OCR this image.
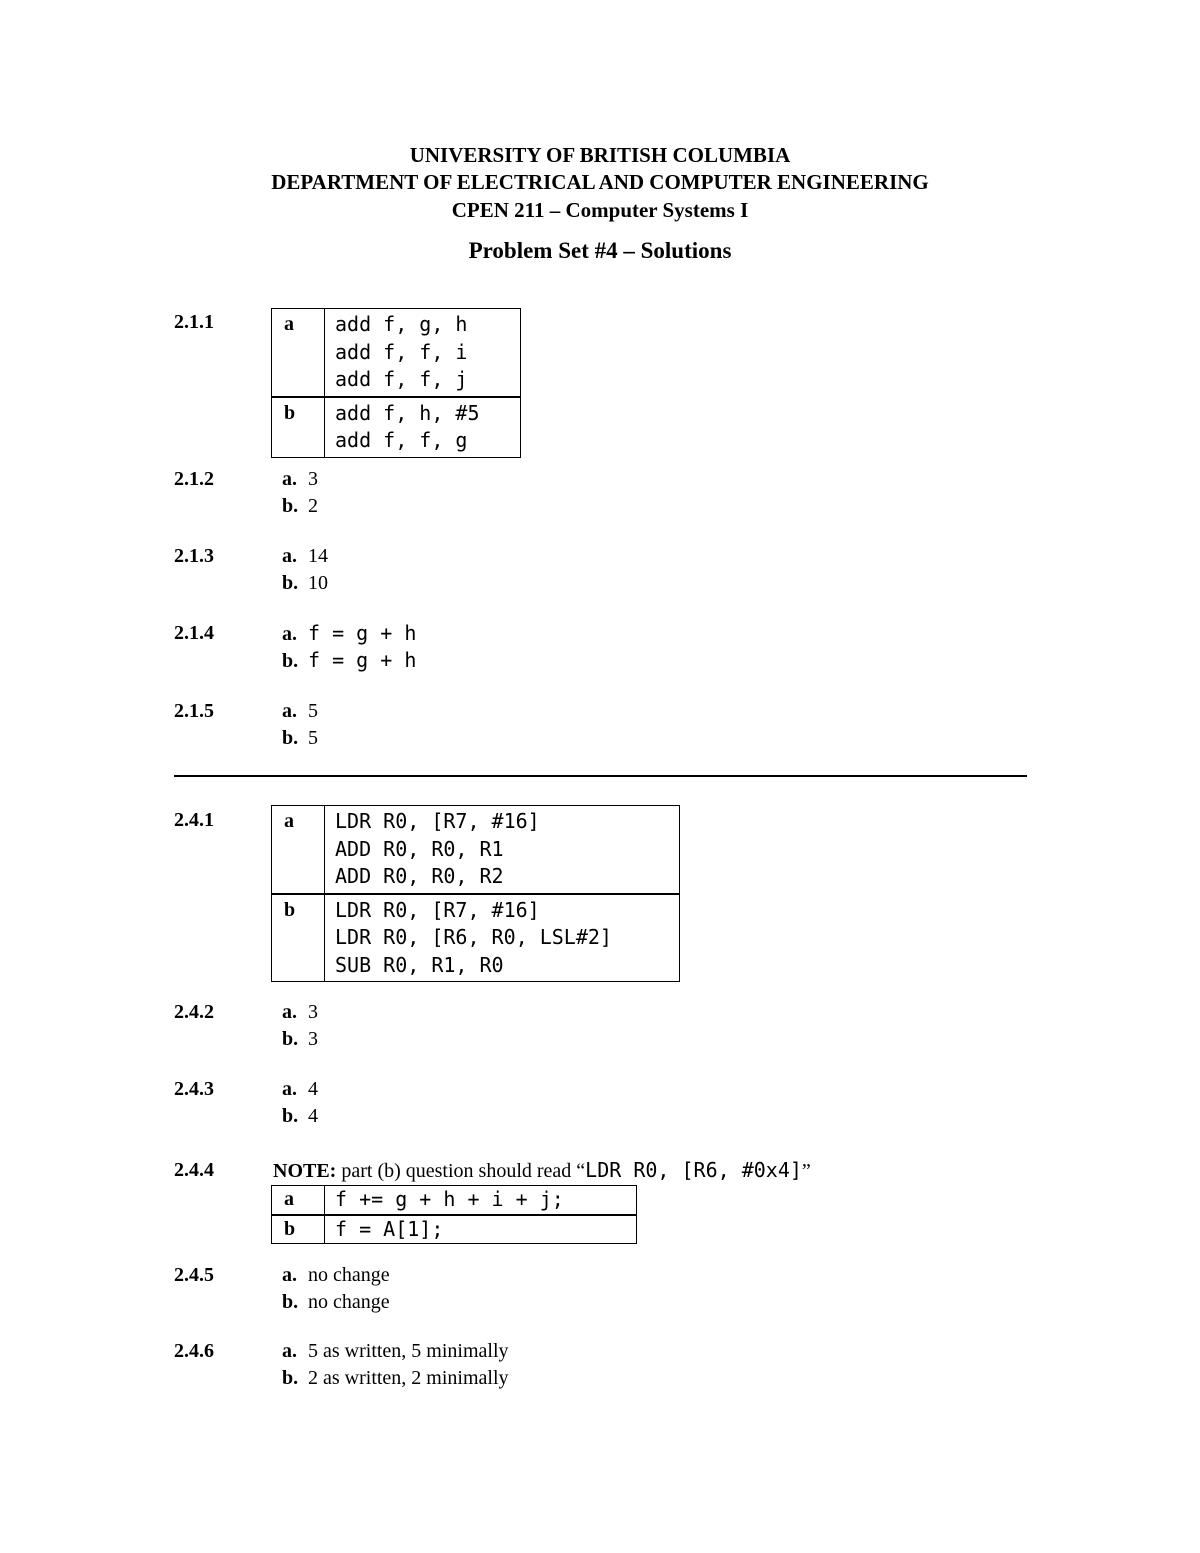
UNIVERSITY OF BRITISH COLUMBIA
DEPARTMENT OF ELECTRICAL AND COMPUTER ENGINEERING
CPEN 211 – Computer Systems I
Problem Set #4 – Solutions
2.1.1	a	add f, g, h
add f, f, i
add f, f, j
b	add f, h, #5
add f, f, g
2.1.2	a. 3
b. 2
2.1.3	a. 14
b. 10
2.1.4	a. f = g + h
b. f = g + h
2.1.5	a. 5
b. 5
2.4.1	a	LDR R0, [R7, #16]
ADD R0, R0, R1
ADD R0, R0, R2
b	LDR R0, [R7, #16]
LDR R0, [R6, R0, LSL#2]
SUB R0, R1, R0
2.4.2	a. 3
b. 3
2.4.3	a. 4
b. 4
2.4.4	NOTE: part (b) question should read “LDR R0, [R6, #0x4]”
a	f += g + h + i + j;
b	f = A[1];
2.4.5	a. no change
b. no change
2.4.6	a. 5 as written, 5 minimally
b. 2 as written, 2 minimally
